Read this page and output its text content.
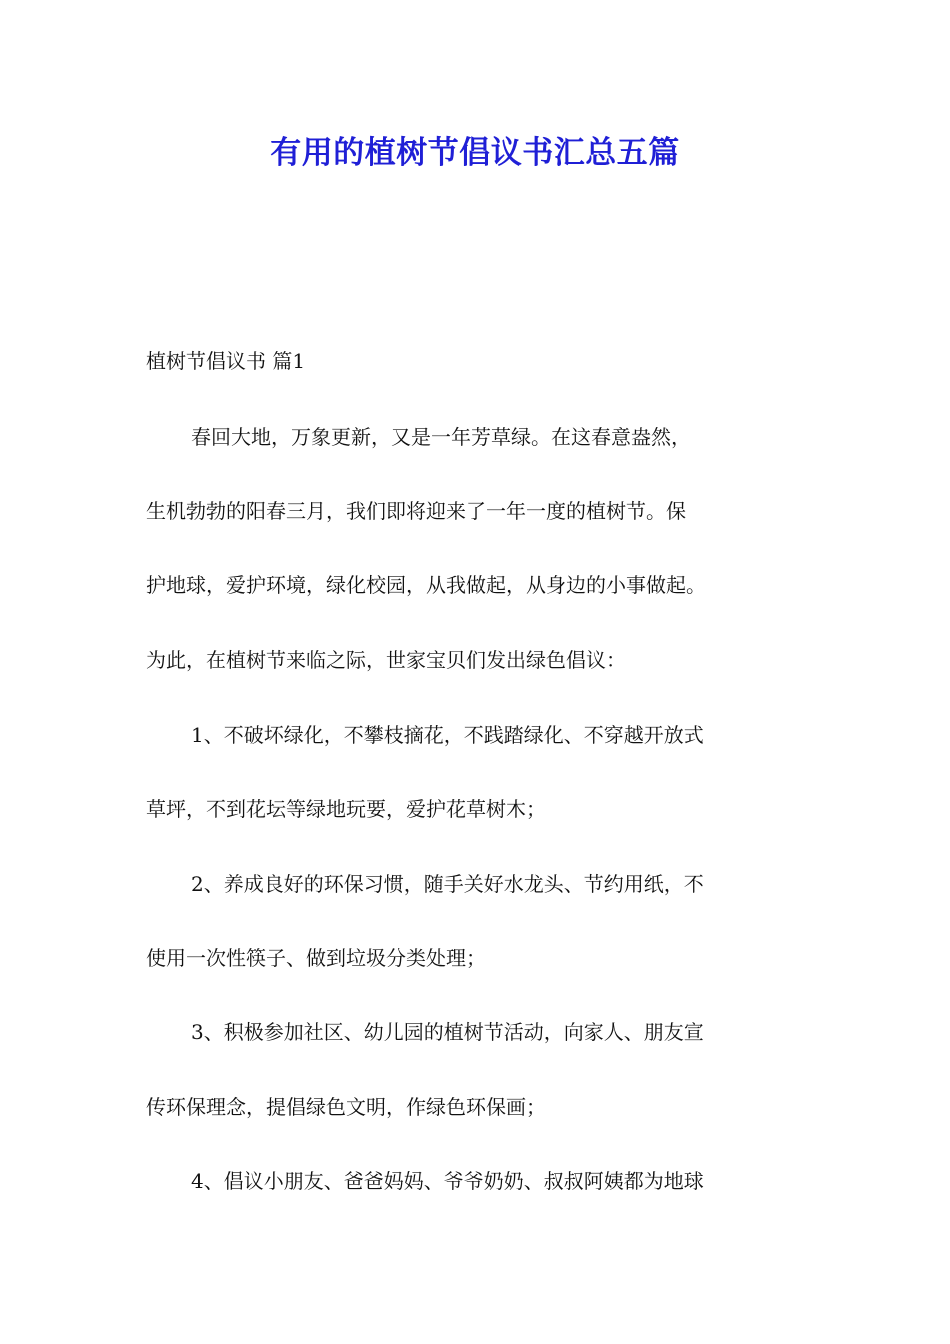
有用的植树节倡议书汇总五篇
植树节倡议书 篇1
春回大地，万象更新，又是一年芳草绿。在这春意盎然，
生机勃勃的阳春三月，我们即将迎来了一年一度的植树节。保
护地球，爱护环境，绿化校园，从我做起，从身边的小事做起。
为此，在植树节来临之际，世家宝贝们发出绿色倡议：
1、不破坏绿化，不攀枝摘花，不践踏绿化、不穿越开放式
草坪，不到花坛等绿地玩要，爱护花草树木；
2、养成良好的环保习惯，随手关好水龙头、节约用纸，不
使用一次性筷子、做到垃圾分类处理；
3、积极参加社区、幼儿园的植树节活动，向家人、朋友宣
传环保理念，提倡绿色文明，作绿色环保画；
4、倡议小朋友、爸爸妈妈、爷爷奶奶、叔叔阿姨都为地球
